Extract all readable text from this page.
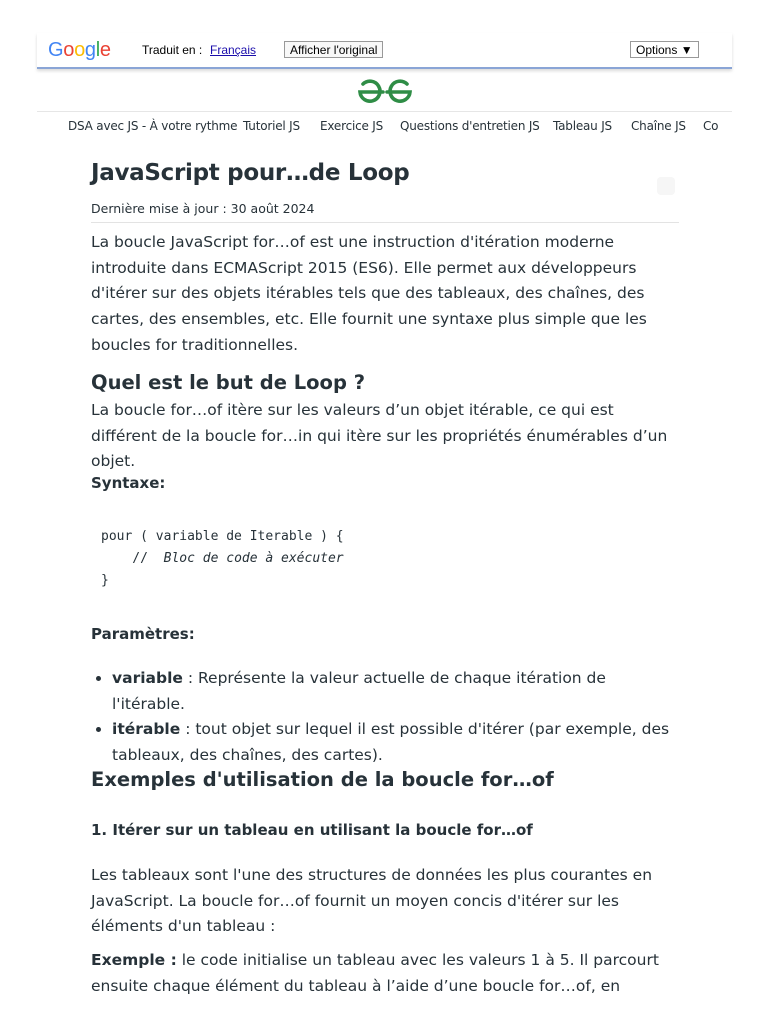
Google	Traduit en : Français	Afficher l'original	Options ▼
DSA avec JS - À votre rythme Tutoriel JS Exercice JS Questions d'entretien JS Tableau JS Chaîne JS Co
JavaScript pour…de Loop
Dernière mise à jour : 30 août 2024

La boucle JavaScript for…of est une instruction d'itération moderne introduite dans ECMAScript 2015 (ES6). Elle permet aux développeurs d'itérer sur des objets itérables tels que des tableaux, des chaînes, des cartes, des ensembles, etc. Elle fournit une syntaxe plus simple que les boucles for traditionnelles.

Quel est le but de Loop ?

La boucle for…of itère sur les valeurs d’un objet itérable, ce qui est différent de la boucle for…in qui itère sur les propriétés énumérables d’un objet.

Syntaxe:
pour ( variable de Iterable ) {
//  Bloc de code à exécuter
}
Paramètres:
• variable : Représente la valeur actuelle de chaque itération de l'itérable.
• itérable : tout objet sur lequel il est possible d'itérer (par exemple, des tableaux, des chaînes, des cartes).
Exemples d'utilisation de la boucle for…of
1. Itérer sur un tableau en utilisant la boucle for…of

Les tableaux sont l'une des structures de données les plus courantes en JavaScript. La boucle for…of fournit un moyen concis d'itérer sur les éléments d'un tableau :

Exemple : le code initialise un tableau avec les valeurs 1 à 5. Il parcourt ensuite chaque élément du tableau à l’aide d’une boucle for…of, en
